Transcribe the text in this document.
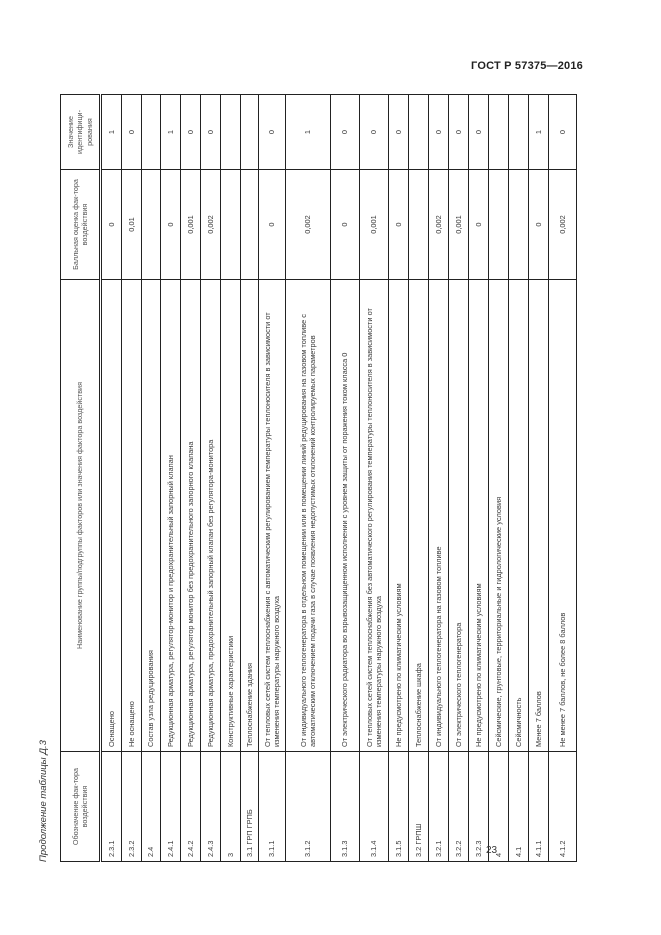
ГОСТ Р 57375—2016
Продолжение таблицы Д.3	Обозначение фак-тора воздействия	Наименование группы/подгруппы факторов или значения фактора воздействия	Балльная оценка фак-тора воздействия	Значение идентифици-рования
2.3.1	Оснащено	0	1
2.3.2	Не оснащено	0,01	0
2.4	Состав узла редуцирования		
2.4.1	Редукционная арматура, регулятор-монитор и предохранительный запорный клапан	0	1
2.4.2	Редукционная арматура, регулятор монитор без предохранительного запорного клапана	0,001	0
2.4.3	Редукционная арматура, предохранительный запорный клапан без регулятора-монитора	0,002	0
3	Конструктивные характеристики		
3.1 ГРП ГРПБ	Теплоснабжение здания		
3.1.1	От тепловых сетей систем теплоснабжения с автоматическим регулированием температуры теплоносителя в зависимости от изменения температуры наружного воздуха	0	0
3.1.2	От индивидуального теплогенератора в отдельном помещении или в помещении линий редуцирования на газовом топливе с автоматическим отключением подачи газа в случае появления недопустимых отклонений контролируемых параметров	0,002	1
3.1.3	От электрического радиатора во взрывозащищенном исполнении с уровнем защиты от поражения током класса 0	0	0
3.1.4	От тепловых сетей систем теплоснабжения без автоматического регулирования температуры теплоносителя в зависимости от изменения температуры наружного воздуха	0,001	0
3.1.5	Не предусмотрено по климатическим условиям	0	0
3.2 ГРПШ	Теплоснабжение шкафа		
3.2.1	От индивидуального теплогенератора на газовом топливе	0,002	0
3.2.2	От электрического теплогенератора	0,001	0
3.2.3	Не предусмотрено по климатическим условиям	0	0
4	Сейсмические, грунтовые, территориальные и гидрологические условия		
4.1	Сейсмичность		
4.1.1	Менее 7 баллов	0	1
4.1.2	Не менее 7 баллов, не более 8 баллов	0,002	0
23
